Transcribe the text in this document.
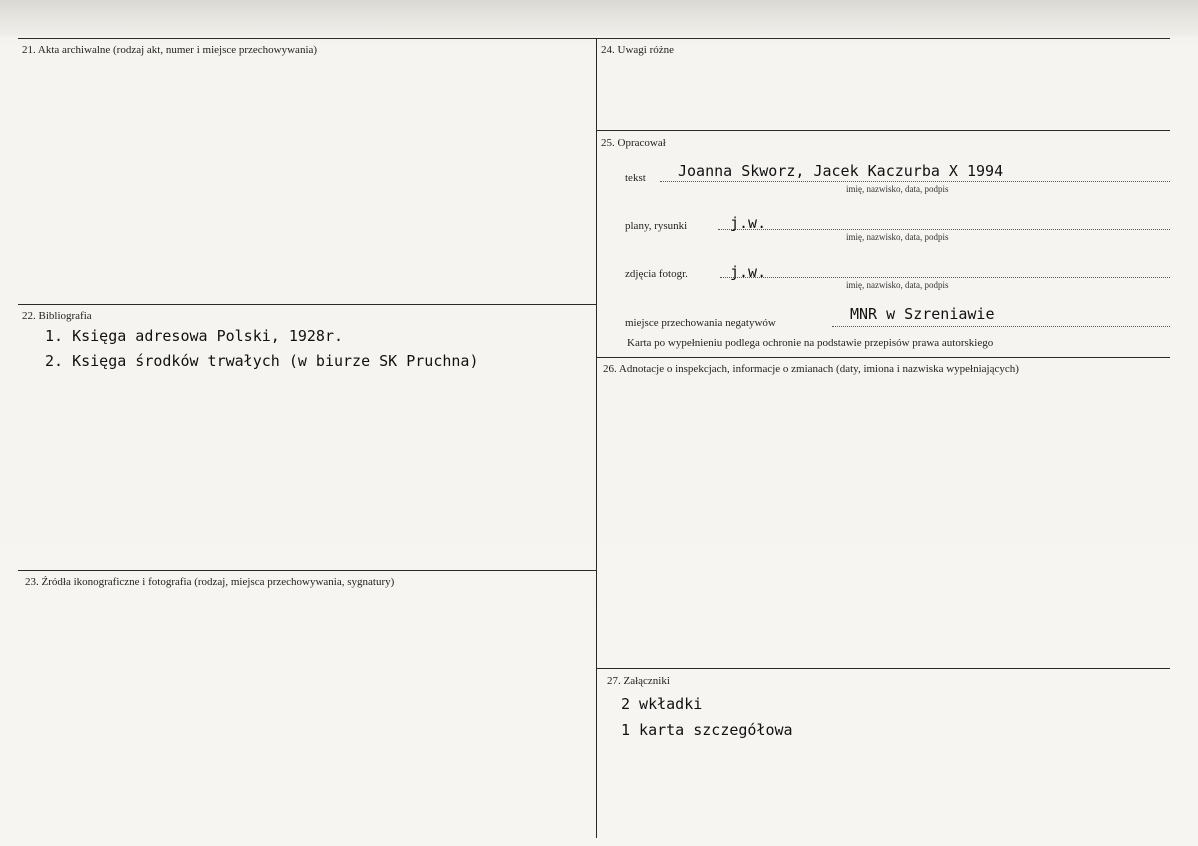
21. Akta archiwalne (rodzaj akt, numer i miejsce przechowywania)
22. Bibliografia
1. Księga adresowa Polski, 1928r.
2. Księga środków trwałych (w biurze SK Pruchna)
23. Źródła ikonograficzne i fotografia (rodzaj, miejsca przechowywania, sygnatury)
24. Uwagi różne
25. Opracował
tekst Joanna Skworz, Jacek Kaczurba X 1994
imię, nazwisko, data, podpis
plany, rysunki	j.w.
imię, nazwisko, data, podpis
zdjęcia fotogr.	j.w.
imię, nazwisko, data, podpis
miejsce przechowania negatywów	MNR w Szreniawie
Karta po wypełnieniu podlega ochronie na podstawie przepisów prawa autorskiego
26. Adnotacje o inspekcjach, informacje o zmianach (daty, imiona i nazwiska wypełniających)
27. Załączniki
2 wkładki
1 karta szczegółowa
